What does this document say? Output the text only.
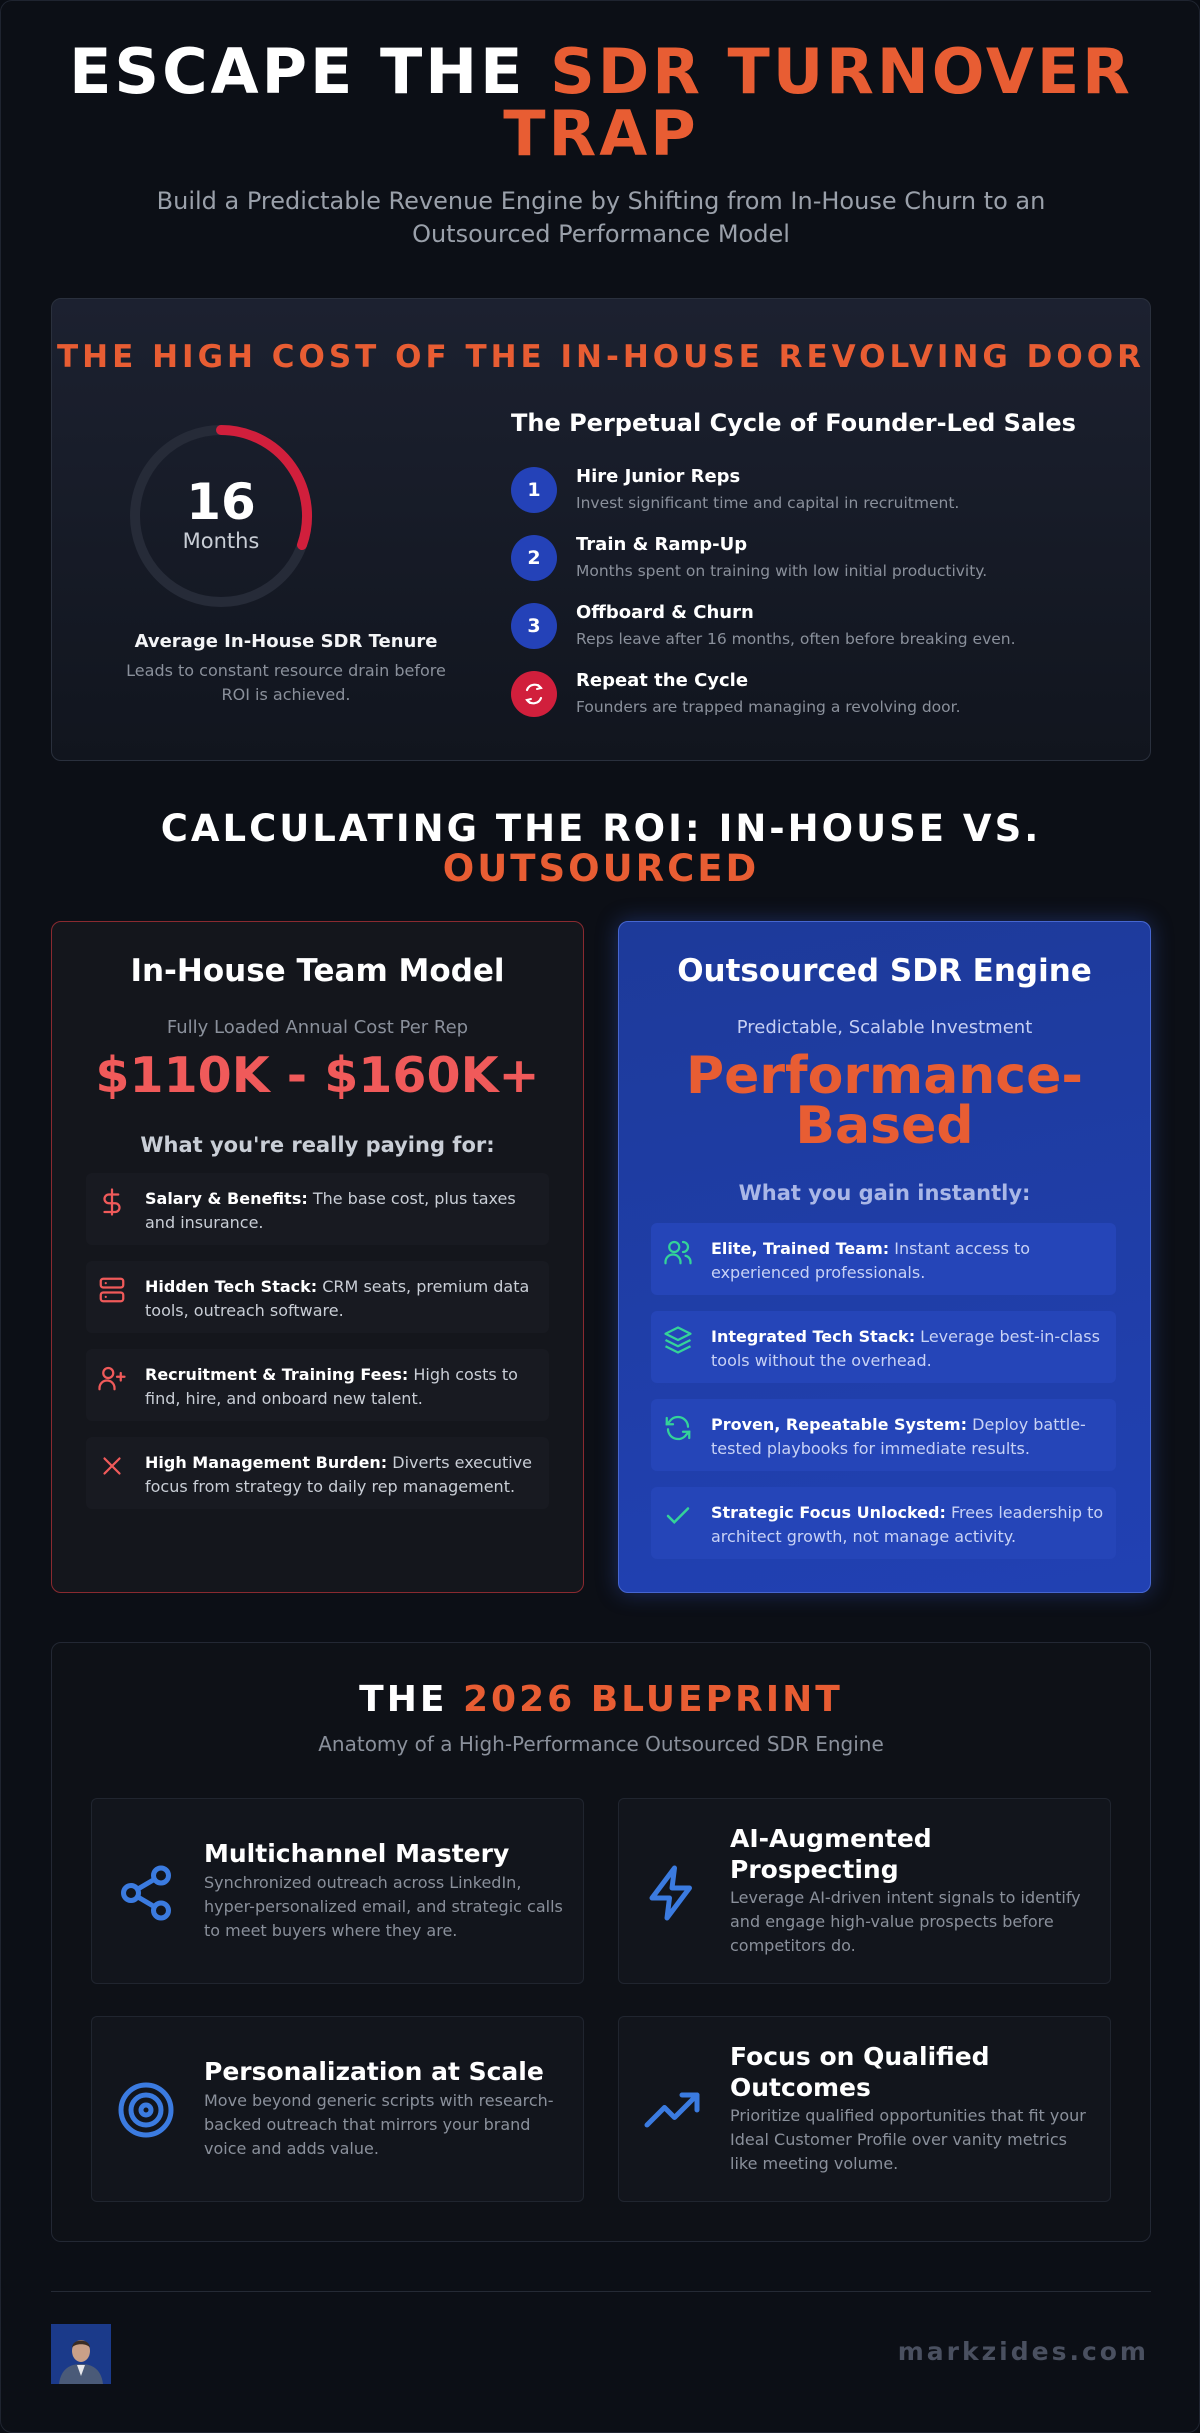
ESCAPE THE SDR TURNOVER
TRAP
Build a Predictable Revenue Engine by Shifting from In-House Churn to an Outsourced Performance Model
THE HIGH COST OF THE IN-HOUSE REVOLVING DOOR
16
Months
Average In-House SDR Tenure
Leads to constant resource drain before ROI is achieved.
The Perpetual Cycle of Founder-Led Sales
1
Hire Junior Reps
Invest significant time and capital in recruitment.
2
Train & Ramp-Up
Months spent on training with low initial productivity.
3
Offboard & Churn
Reps leave after 16 months, often before breaking even.
Repeat the Cycle
Founders are trapped managing a revolving door.
CALCULATING THE ROI: IN-HOUSE VS.
OUTSOURCED
In-House Team Model
Fully Loaded Annual Cost Per Rep
$110K - $160K+
What you're really paying for:
Salary & Benefits: The base cost, plus taxes and insurance.
Hidden Tech Stack: CRM seats, premium data tools, outreach software.
Recruitment & Training Fees: High costs to find, hire, and onboard new talent.
High Management Burden: Diverts executive focus from strategy to daily rep management.
Outsourced SDR Engine
Predictable, Scalable Investment
Performance-
Based
What you gain instantly:
Elite, Trained Team: Instant access to experienced professionals.
Integrated Tech Stack: Leverage best-in-class tools without the overhead.
Proven, Repeatable System: Deploy battle-tested playbooks for immediate results.
Strategic Focus Unlocked: Frees leadership to architect growth, not manage activity.
THE 2026 BLUEPRINT
Anatomy of a High-Performance Outsourced SDR Engine
Multichannel Mastery
Synchronized outreach across LinkedIn, hyper-personalized email, and strategic calls to meet buyers where they are.
AI-Augmented Prospecting
Leverage AI-driven intent signals to identify and engage high-value prospects before competitors do.
Personalization at Scale
Move beyond generic scripts with research-backed outreach that mirrors your brand voice and adds value.
Focus on Qualified Outcomes
Prioritize qualified opportunities that fit your Ideal Customer Profile over vanity metrics like meeting volume.
markzides.com
